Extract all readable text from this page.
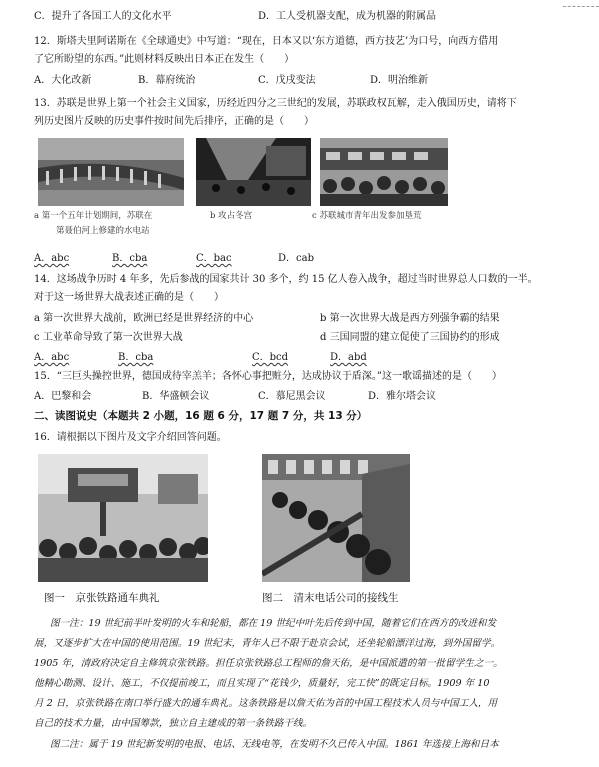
C．提升了各国工人的文化水平	D．工人受机器支配，成为机器的附属品
12．斯塔夫里阿诺斯在《全球通史》中写道：“现在，日本又以‘东方道德，西方技艺’为口号，向西方借用
了它所盼望的东西。”此则材料反映出日本正在发生（　　）
A．大化改新	B．幕府统治	C．戊戌变法	D．明治维新
13．苏联是世界上第一个社会主义国家，历经近四分之三世纪的发展，苏联政权瓦解，走入俄国历史，请将下
列历史图片反映的历史事件按时间先后排序，正确的是（　　）
a 第一个五年计划期间，苏联在
第聂伯河上修建的水电站
b 攻占冬宫	c 苏联城市青年出发参加垦荒
A．abc	B．cba	C．bac	D．cab
14．这场战争历时 4 年多，先后参战的国家共计 30 多个，约 15 亿人卷入战争，超过当时世界总人口数的一半。
对于这一场世界大战表述正确的是（　　）
a 第一次世界大战前，欧洲已经是世界经济的中心	b 第一次世界大战是西方列强争霸的结果
c 工业革命导致了第一次世界大战	d 三国同盟的建立促使了三国协约的形成
A．abc	B．cba	C．bcd	D．abd
15．“三巨头操控世界，德国成待宰羔羊；各怀心事把赃分，达成协议于盾深。”这一歌谣描述的是（　　）
A．巴黎和会	B．华盛顿会议	C．慕尼黑会议	D．雅尔塔会议
二、读图说史（本题共 2 小题，16 题 6 分，17 题 7 分，共 13 分）
16．请根据以下图片及文字介绍回答问题。
图一　京张铁路通车典礼	图二　清末电话公司的接线生
图一注：19 世纪前半叶发明的火车和轮船，都在 19 世纪中叶先后传到中国，随着它们在西方的改进和发
展，又逐步扩大在中国的使用范围。19 世纪末，青年人已不限于赴京会试，还坐轮船漂洋过海，到外国留学。
1905 年，清政府决定自主修筑京张铁路。担任京张铁路总工程师的詹天佑，是中国派遣的第一批留学生之一。
他精心勘测、设计、施工，不仅提前竣工，而且实现了“花钱少，质量好，完工快”的既定目标。1909 年 10
月 2 日，京张铁路在南口举行盛大的通车典礼。这条铁路是以詹天佑为首的中国工程技术人员与中国工人，用
自己的技术力量，由中国筹款，独立自主建成的第一条铁路干线。
图二注：属于 19 世纪新发明的电报、电话、无线电等，在发明不久已传入中国。1861 年选接上海和日本
